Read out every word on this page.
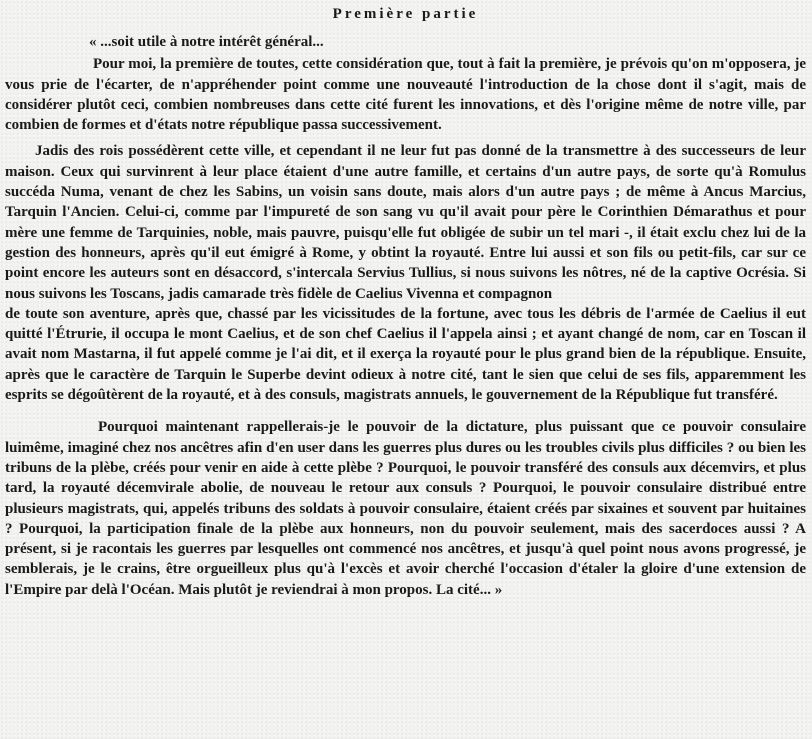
Première partie

« ...soit utile à notre intérêt général...

Pour moi, la première de toutes, cette considération que, tout à fait la première, je prévois qu'on m'opposera, je vous prie de l'écarter, de n'appréhender point comme une nouveauté l'introduction de la chose dont il s'agit, mais de considérer plutôt ceci, combien nombreuses dans cette cité furent les innovations, et dès l'origine même de notre ville, par combien de formes et d'états notre république passa successivement.

Jadis des rois possédèrent cette ville, et cependant il ne leur fut pas donné de la transmettre à des successeurs de leur maison. Ceux qui survinrent à leur place étaient d'une autre famille, et certains d'un autre pays, de sorte qu'à Romulus succéda Numa, venant de chez les Sabins, un voisin sans doute, mais alors d'un autre pays ; de même à Ancus Marcius, Tarquin l'Ancien. Celui-ci, comme par l'impureté de son sang vu qu'il avait pour père le Corinthien Démarathus et pour mère une femme de Tarquinies, noble, mais pauvre, puisqu'elle fut obligée de subir un tel mari -, il était exclu chez lui de la gestion des honneurs, après qu'il eut émigré à Rome, y obtint la royauté. Entre lui aussi et son fils ou petit-fils, car sur ce point encore les auteurs sont en désaccord, s'intercala Servius Tullius, si nous suivons les nôtres, né de la captive Ocrésia. Si nous suivons les Toscans, jadis camarade très fidèle de Caelius Vivenna et compagnon

de toute son aventure, après que, chassé par les vicissitudes de la fortune, avec tous les débris de l'armée de Caelius il eut quitté l'Étrurie, il occupa le mont Caelius, et de son chef Caelius il l'appela ainsi ; et ayant changé de nom, car en Toscan il avait nom Mastarna, il fut appelé comme je l'ai dit, et il exerça la royauté pour le plus grand bien de la république. Ensuite, après que le caractère de Tarquin le Superbe devint odieux à notre cité, tant le sien que celui de ses fils, apparemment les esprits se dégoûtèrent de la royauté, et à des consuls, magistrats annuels, le gouvernement de la République fut transféré.

Pourquoi maintenant rappellerais-je le pouvoir de la dictature, plus puissant que ce pouvoir consulaire luimême, imaginé chez nos ancêtres afin d'en user dans les guerres plus dures ou les troubles civils plus difficiles ? ou bien les tribuns de la plèbe, créés pour venir en aide à cette plèbe ? Pourquoi, le pouvoir transféré des consuls aux décemvirs, et plus tard, la royauté décemvirale abolie, de nouveau le retour aux consuls ? Pourquoi, le pouvoir consulaire distribué entre plusieurs magistrats, qui, appelés tribuns des soldats à pouvoir consulaire, étaient créés par sixaines et souvent par huitaines ? Pourquoi, la participation finale de la plèbe aux honneurs, non du pouvoir seulement, mais des sacerdoces aussi ? A présent, si je racontais les guerres par lesquelles ont commencé nos ancêtres, et jusqu'à quel point nous avons progressé, je semblerais, je le crains, être orgueilleux plus qu'à l'excès et avoir cherché l'occasion d'étaler la gloire d'une extension de l'Empire par delà l'Océan. Mais plutôt je reviendrai à mon propos. La cité... »
